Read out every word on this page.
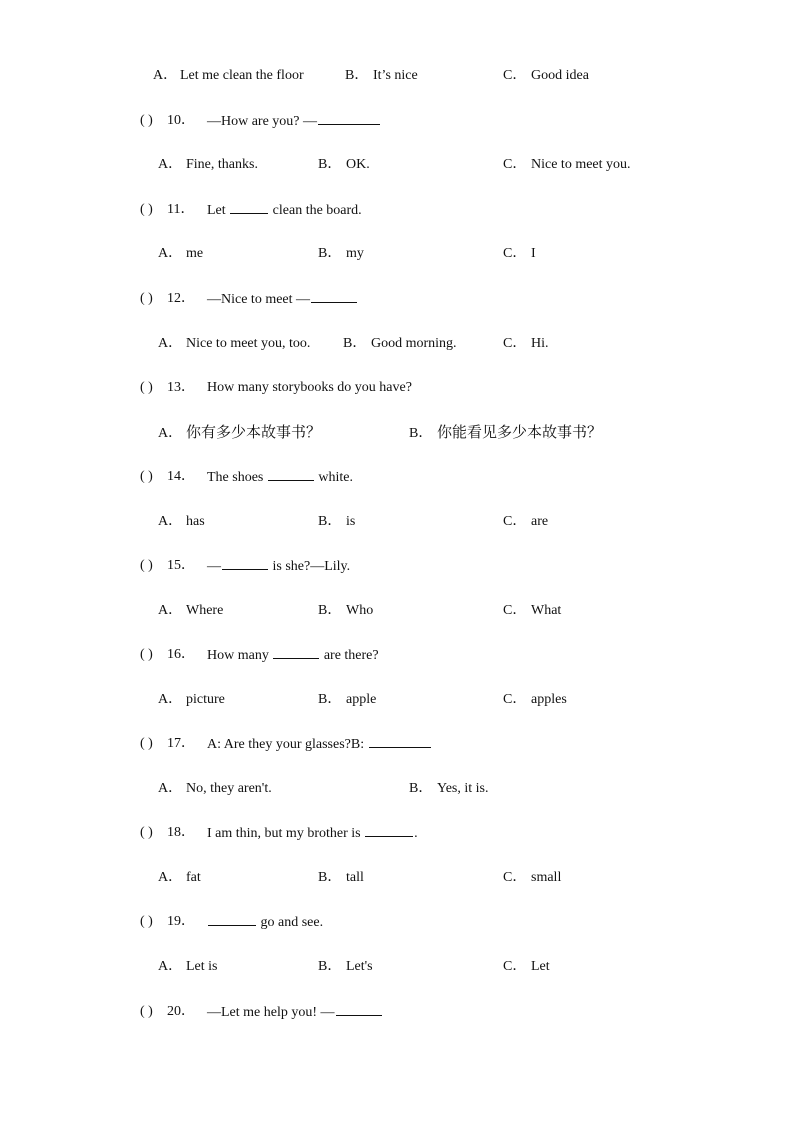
A． Let me clean the floor	B． It’s nice	C． Good idea
( ) 10． —How are you? —
A． Fine, thanks.	B． OK.	C． Nice to meet you.
( ) 11． Let	clean the board.
A． me	B． my	C． I
( ) 12． —Nice to meet —
A． Nice to meet you, too. B． Good morning.	C． Hi.
( ) 13． How many storybooks do you have?
A． 你有多少本故事书？	B． 你能看见多少本故事书？
( ) 14． The shoes	white.
A． has	B． is	C． are
( ) 15． —	is she?—Lily.
A． Where	B． Who	C． What
( ) 16． How many	are there?
A． picture	B． apple	C． apples
( ) 17． A: Are they your glasses?B:
A． No, they aren't.	B． Yes, it is.
( ) 18． I am thin, but my brother is	.
A． fat	B． tall	C． small
( ) 19．	go and see.
A． Let is	B． Let's	C． Let
( ) 20． —Let me help you! —
